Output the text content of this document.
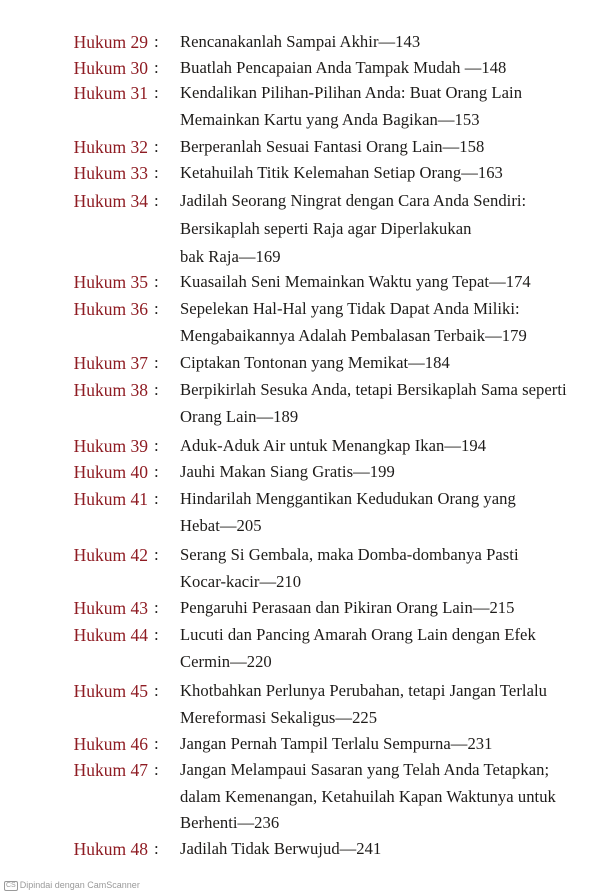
Hukum 29 :	Rencanakanlah Sampai Akhir—143
Hukum 30 :	Buatlah Pencapaian Anda Tampak Mudah —148
Hukum 31 :	Kendalikan Pilihan-Pilihan Anda: Buat Orang Lain
Memainkan Kartu yang Anda Bagikan—153
Hukum 32 :	Berperanlah Sesuai Fantasi Orang Lain—158
Hukum 33 :	Ketahuilah Titik Kelemahan Setiap Orang—163
Hukum 34 :	Jadilah Seorang Ningrat dengan Cara Anda Sendiri:
Bersikaplah seperti Raja agar Diperlakukan
bak Raja—169
Hukum 35 :	Kuasailah Seni Memainkan Waktu yang Tepat—174
Hukum 36 :	Sepelekan Hal-Hal yang Tidak Dapat Anda Miliki:
Mengabaikannya Adalah Pembalasan Terbaik—179
Hukum 37 :	Ciptakan Tontonan yang Memikat—184
Hukum 38 :	Berpikirlah Sesuka Anda, tetapi Bersikaplah Sama seperti
Orang Lain—189
Hukum 39 :	Aduk-Aduk Air untuk Menangkap Ikan—194
Hukum 40 :	Jauhi Makan Siang Gratis—199
Hukum 41 :	Hindarilah Menggantikan Kedudukan Orang yang
Hebat—205
Hukum 42 :	Serang Si Gembala, maka Domba-dombanya Pasti
Kocar-kacir—210
Hukum 43 :	Pengaruhi Perasaan dan Pikiran Orang Lain—215
Hukum 44 :	Lucuti dan Pancing Amarah Orang Lain dengan Efek
Cermin—220
Hukum 45 :	Khotbahkan Perlunya Perubahan, tetapi Jangan Terlalu
Mereformasi Sekaligus—225
Hukum 46 :	Jangan Pernah Tampil Terlalu Sempurna—231
Hukum 47 :	Jangan Melampaui Sasaran yang Telah Anda Tetapkan;
dalam Kemenangan, Ketahuilah Kapan Waktunya untuk
Berhenti—236
Hukum 48 :	Jadilah Tidak Berwujud—241
CS Dipindai dengan CamScanner
